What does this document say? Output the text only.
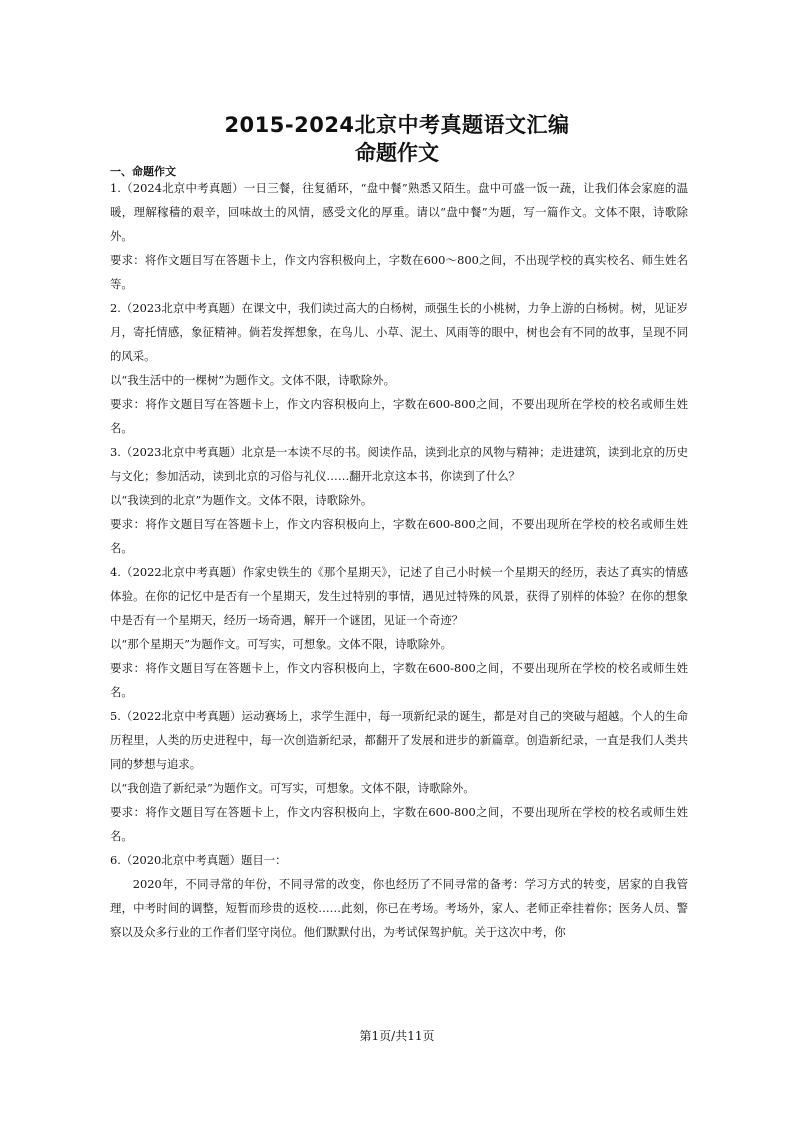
2015-2024北京中考真题语文汇编
命题作文
一、命题作文

1.（2024北京中考真题）一日三餐，往复循环，“盘中餐”熟悉又陌生。盘中可盛一饭一蔬，让我们体会家庭的温暖，理解稼穑的艰辛，回味故土的风情，感受文化的厚重。请以“盘中餐”为题，写一篇作文。文体不限，诗歌除外。

要求：将作文题目写在答题卡上，作文内容积极向上，字数在600～800之间，不出现学校的真实校名、师生姓名等。

2.（2023北京中考真题）在课文中，我们读过高大的白杨树，顽强生长的小桃树，力争上游的白杨树。树，见证岁月，寄托情感，象征精神。倘若发挥想象，在鸟儿、小草、泥土、风雨等的眼中，树也会有不同的故事，呈现不同的风采。

以“我生活中的一棵树”为题作文。文体不限，诗歌除外。

要求：将作文题目写在答题卡上，作文内容积极向上，字数在600-800之间，不要出现所在学校的校名或师生姓名。

3.（2023北京中考真题）北京是一本读不尽的书。阅读作品，读到北京的风物与精神；走进建筑，读到北京的历史与文化；参加活动，读到北京的习俗与礼仪……翻开北京这本书，你读到了什么？

以“我读到的北京”为题作文。文体不限，诗歌除外。

要求：将作文题目写在答题卡上，作文内容积极向上，字数在600-800之间，不要出现所在学校的校名或师生姓名。

4.（2022北京中考真题）作家史铁生的《那个星期天》，记述了自己小时候一个星期天的经历，表达了真实的情感体验。在你的记忆中是否有一个星期天，发生过特别的事情，遇见过特殊的风景，获得了别样的体验？在你的想象中是否有一个星期天，经历一场奇遇，解开一个谜团，见证一个奇迹？

以“那个星期天”为题作文。可写实，可想象。文体不限，诗歌除外。

要求：将作文题目写在答题卡上，作文内容积极向上，字数在600-800之间，不要出现所在学校的校名或师生姓名。

5.（2022北京中考真题）运动赛场上，求学生涯中，每一项新纪录的诞生，都是对自己的突破与超越。个人的生命历程里，人类的历史进程中，每一次创造新纪录，都翻开了发展和进步的新篇章。创造新纪录，一直是我们人类共同的梦想与追求。

以“我创造了新纪录”为题作文。可写实，可想象。文体不限，诗歌除外。

要求：将作文题目写在答题卡上，作文内容积极向上，字数在600-800之间，不要出现所在学校的校名或师生姓名。

6.（2020北京中考真题）题目一：

2020年，不同寻常的年份，不同寻常的改变，你也经历了不同寻常的备考：学习方式的转变，居家的自我管理，中考时间的调整，短暂而珍贵的返校……此刻，你已在考场。考场外，家人、老师正牵挂着你；医务人员、警察以及众多行业的工作者们坚守岗位。他们默默付出，为考试保驾护航。关于这次中考，你

第1页/共11页
